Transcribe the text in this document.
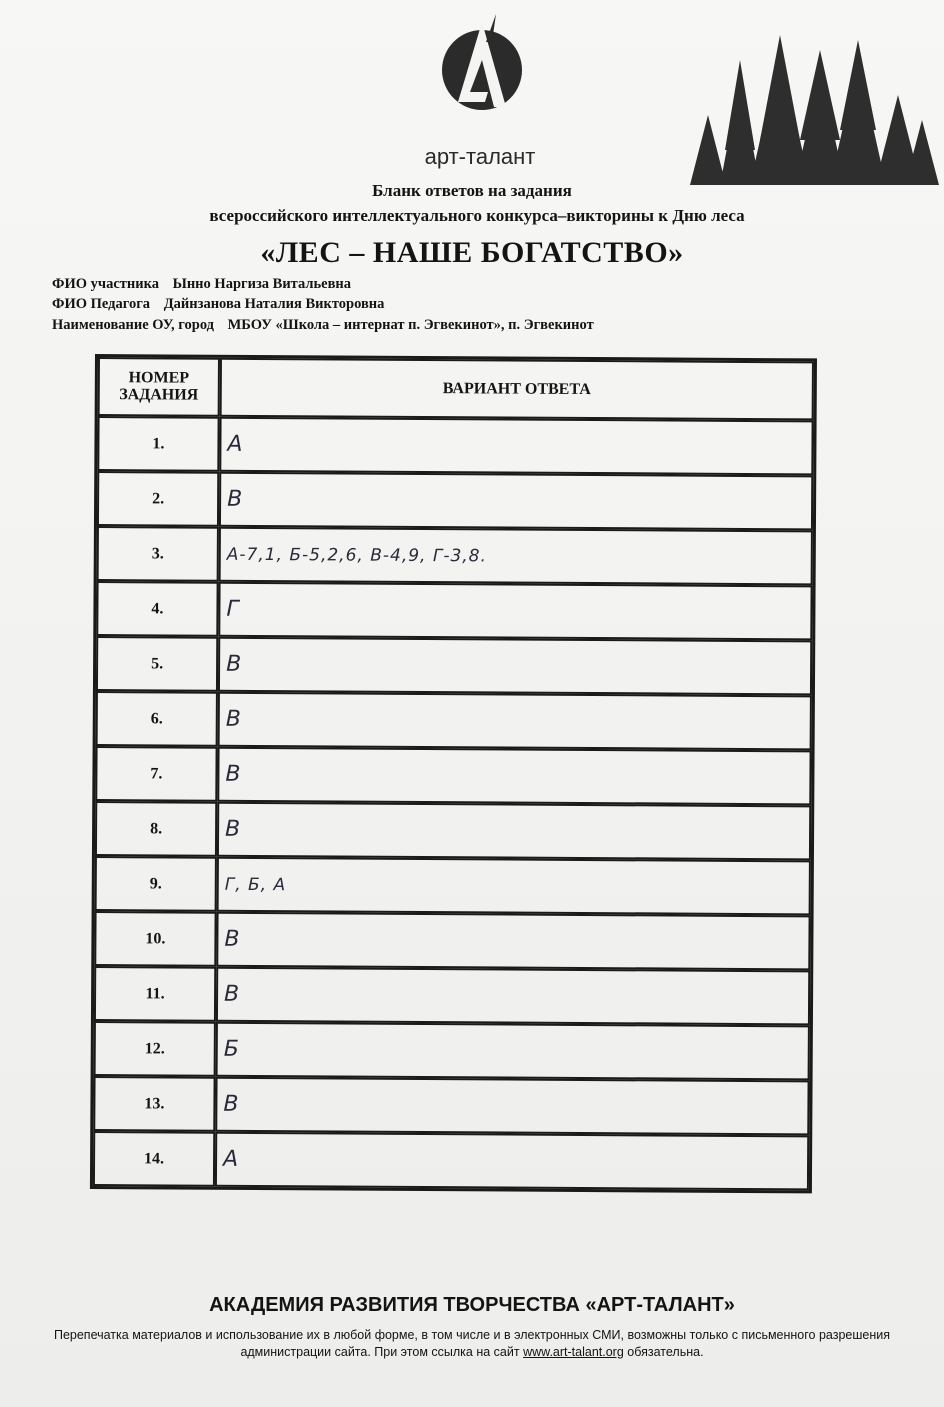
арт-талант
Бланк ответов на задания
всероссийского интеллектуального конкурса–викторины к Дню леса
«ЛЕС – НАШЕ БОГАТСТВО»
ФИО участника Ынно Наргиза Витальевна
ФИО Педагога Дайнзанова Наталия Викторовна
Наименование ОУ, город МБОУ «Школа – интернат п. Эгвекинот», п. Эгвекинот
НОМЕР ЗАДАНИЯ	ВАРИАНТ ОТВЕТА
1.	А
2.	В
3.	А-7,1, Б-5,2,6, В-4,9, Г-3,8.
4.	Г
5.	В
6.	В
7.	В
8.	В
9.	Г, Б, А
10.	В
11.	В
12.	Б
13.	В
14.	А
АКАДЕМИЯ РАЗВИТИЯ ТВОРЧЕСТВА «АРТ-ТАЛАНТ»
Перепечатка материалов и использование их в любой форме, в том числе и в электронных СМИ, возможны только с письменного разрешения администрации сайта. При этом ссылка на сайт www.art-talant.org обязательна.
